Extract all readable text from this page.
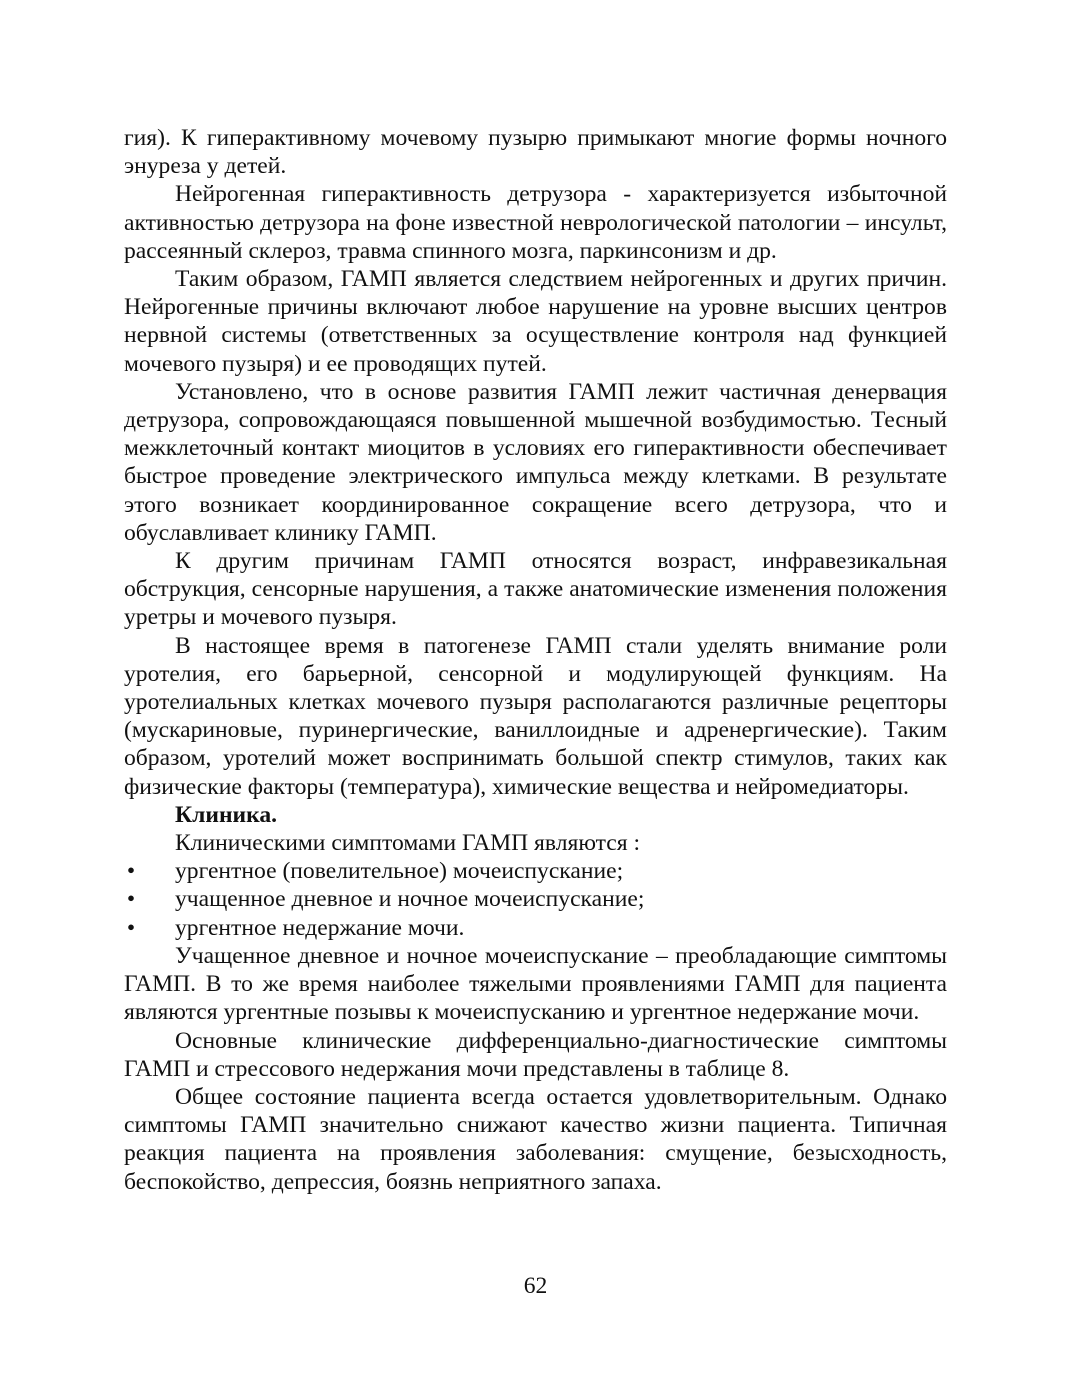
гия). К гиперактивному мочевому пузырю примыкают многие формы ночного энуреза у детей.

Нейрогенная гиперактивность детрузора - характеризуется избыточной активностью детрузора на фоне известной неврологической патологии – инсульт, рассеянный склероз, травма спинного мозга, паркинсонизм и др.

Таким образом, ГАМП является следствием нейрогенных и других причин. Нейрогенные причины включают любое нарушение на уровне высших центров нервной системы (ответственных за осуществление контроля над функцией мочевого пузыря) и ее проводящих путей.

Установлено, что в основе развития ГАМП лежит частичная денервация детрузора, сопровождающаяся повышенной мышечной возбудимостью. Тесный межклеточный контакт миоцитов в условиях его гиперактивности обеспечивает быстрое проведение электрического импульса между клетками. В результате этого возникает координированное сокращение всего детрузора, что и обуславливает клинику ГАМП.

К другим причинам ГАМП относятся возраст, инфравезикальная обструкция, сенсорные нарушения, а также анатомические изменения положения уретры и мочевого пузыря.

В настоящее время в патогенезе ГАМП стали уделять внимание роли уротелия, его барьерной, сенсорной и модулирующей функциям. На уротелиальных клетках мочевого пузыря располагаются различные рецепторы (мускариновые, пуринергические, ваниллоидные и адренергические). Таким образом, уротелий может воспринимать большой спектр стимулов, таких как физические факторы (температура), химические вещества и нейромедиаторы.

Клиника.

Клиническими симптомами ГАМП являются :

• ургентное (повелительное) мочеиспускание;
• учащенное дневное и ночное мочеиспускание;
• ургентное недержание мочи.

Учащенное дневное и ночное мочеиспускание – преобладающие симптомы ГАМП. В то же время наиболее тяжелыми проявлениями ГАМП для пациента являются ургентные позывы к мочеиспусканию и ургентное недержание мочи.

Основные клинические дифференциально-диагностические симптомы ГАМП и стрессового недержания мочи представлены в таблице 8.

Общее состояние пациента всегда остается удовлетворительным. Однако симптомы ГАМП значительно снижают качество жизни пациента. Типичная реакция пациента на проявления заболевания: смущение, безысходность, беспокойство, депрессия, боязнь неприятного запаха.

62
